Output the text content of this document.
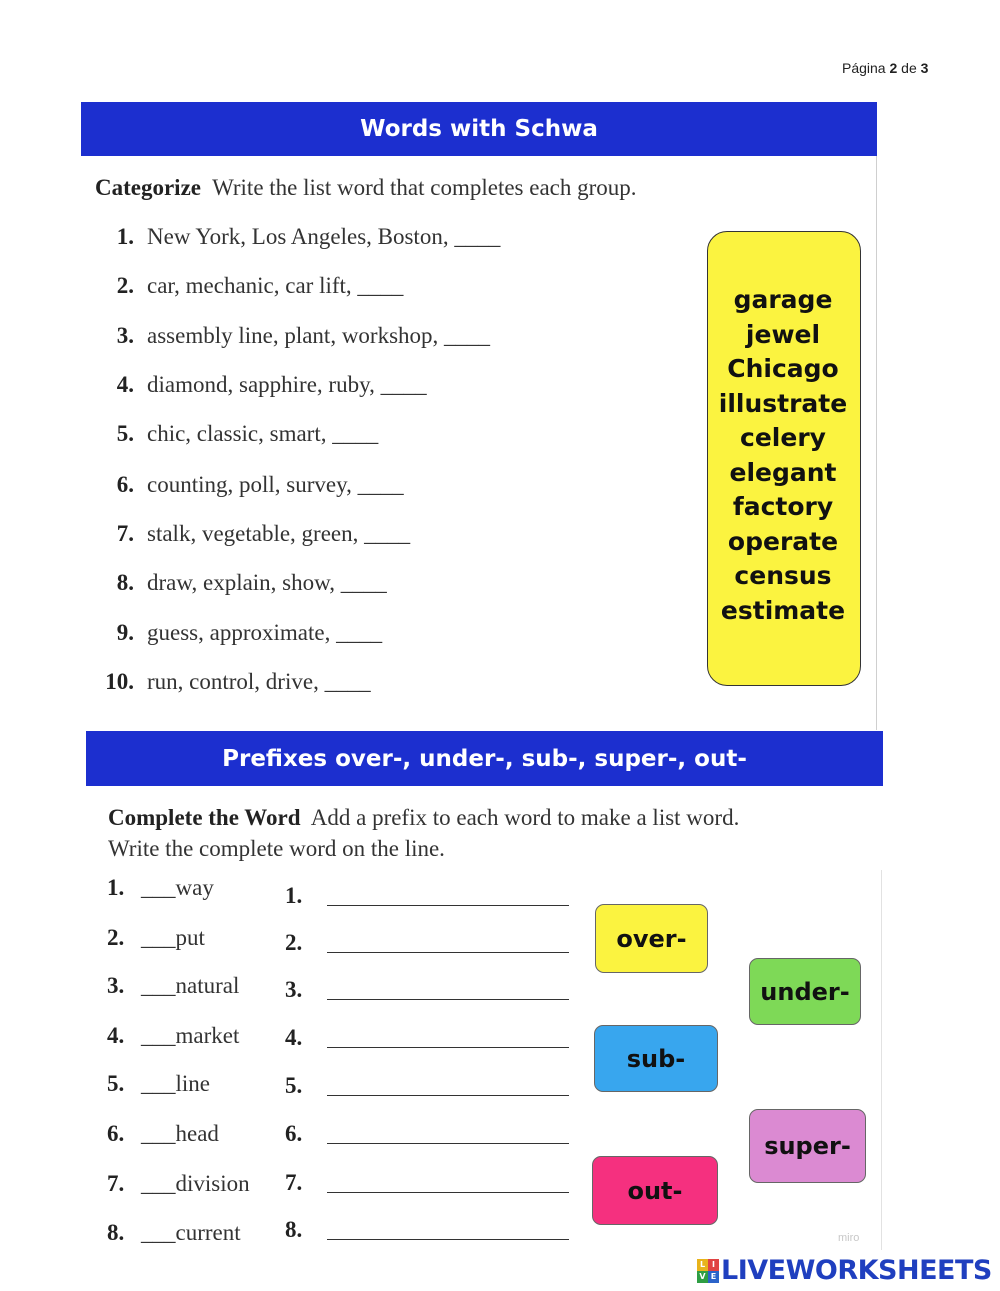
Página 2 de 3
Words with Schwa
Categorize Write the list word that completes each group.
1. New York, Los Angeles, Boston, ____
2. car, mechanic, car lift, ____
3. assembly line, plant, workshop, ____
4. diamond, sapphire, ruby, ____
5. chic, classic, smart, ____
6. counting, poll, survey, ____
7. stalk, vegetable, green, ____
8. draw, explain, show, ____
9. guess, approximate, ____
10. run, control, drive, ____
garage
jewel
Chicago
illustrate
celery
elegant
factory
operate
census
estimate
Prefixes over-, under-, sub-, super-, out-
Complete the Word Add a prefix to each word to make a list word.
Write the complete word on the line.
1. ___way	1.
2. ___put	2.
3. ___natural 3.
4. ___market 4.
5. ___line	5.
6. ___head	6.
7. ___division 7.
8. ___current 8.
over-
under-
sub-
super-
out-
miro
L I
V E LIVEWORKSHEETS
